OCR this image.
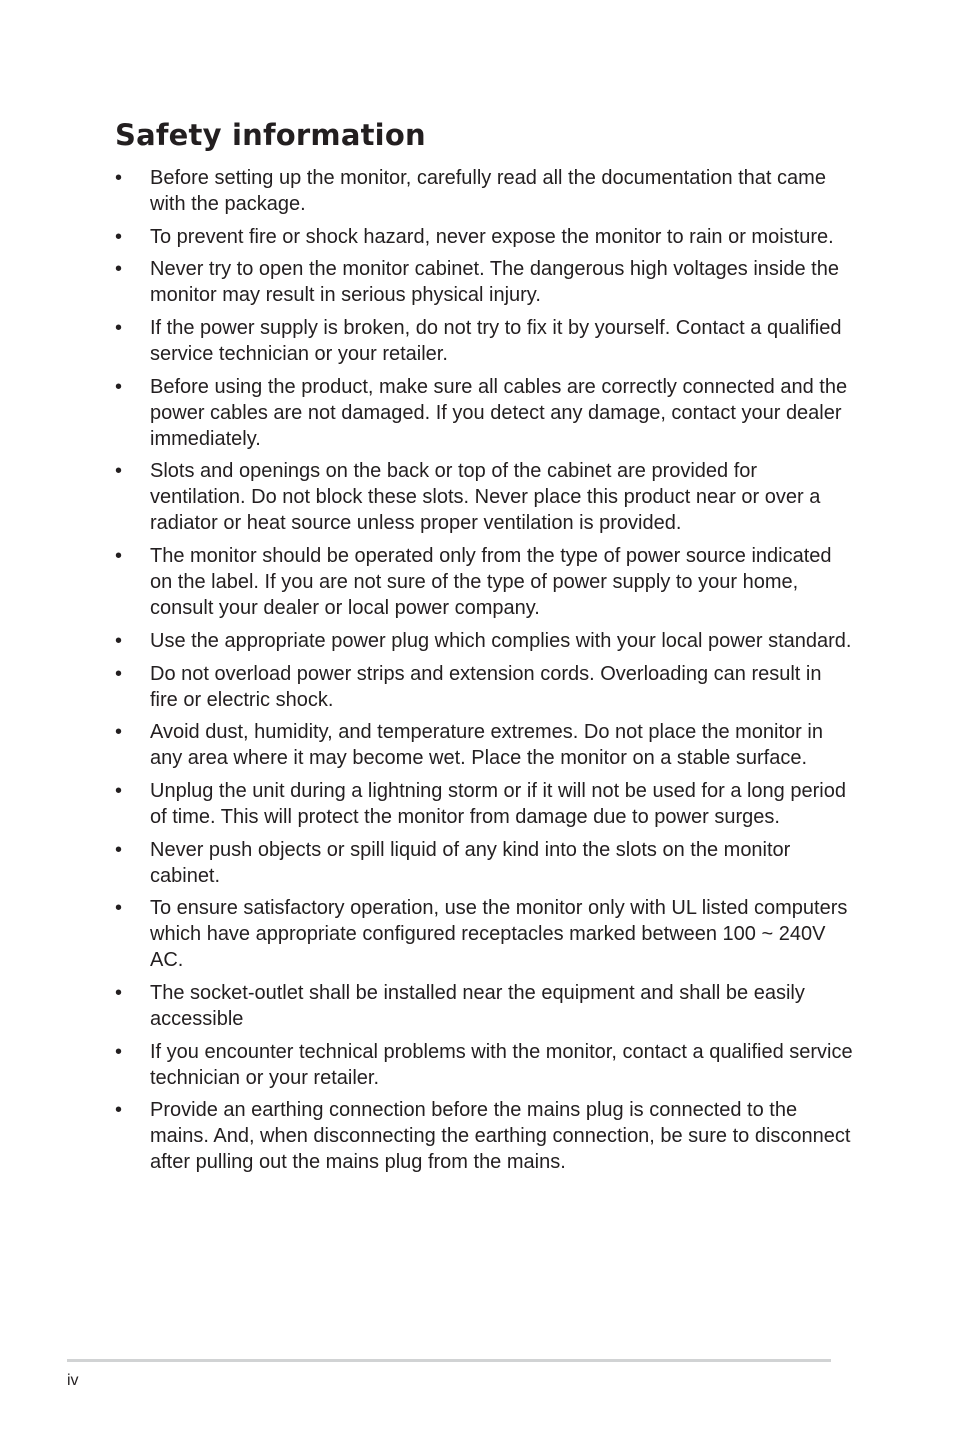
Safety information
• Before setting up the monitor, carefully read all the documentation that came with the package.
• To prevent fire or shock hazard, never expose the monitor to rain or moisture.
• Never try to open the monitor cabinet. The dangerous high voltages inside the monitor may result in serious physical injury.
• If the power supply is broken, do not try to fix it by yourself. Contact a qualified service technician or your retailer.
• Before using the product, make sure all cables are correctly connected and the power cables are not damaged. If you detect any damage, contact your dealer immediately.
• Slots and openings on the back or top of the cabinet are provided for ventilation. Do not block these slots. Never place this product near or over a radiator or heat source unless proper ventilation is provided.
• The monitor should be operated only from the type of power source indicated on the label. If you are not sure of the type of power supply to your home, consult your dealer or local power company.
• Use the appropriate power plug which complies with your local power standard.
• Do not overload power strips and extension cords. Overloading can result in fire or electric shock.
• Avoid dust, humidity, and temperature extremes. Do not place the monitor in any area where it may become wet. Place the monitor on a stable surface.
• Unplug the unit during a lightning storm or if it will not be used for a long period of time. This will protect the monitor from damage due to power surges.
• Never push objects or spill liquid of any kind into the slots on the monitor cabinet.
• To ensure satisfactory operation, use the monitor only with UL listed computers which have appropriate configured receptacles marked between 100 ~ 240V AC.
• The socket-outlet shall be installed near the equipment and shall be easily accessible
• If you encounter technical problems with the monitor, contact a qualified service technician or your retailer.
• Provide an earthing connection before the mains plug is connected to the mains. And, when disconnecting the earthing connection, be sure to disconnect after pulling out the mains plug from the mains.
iv
